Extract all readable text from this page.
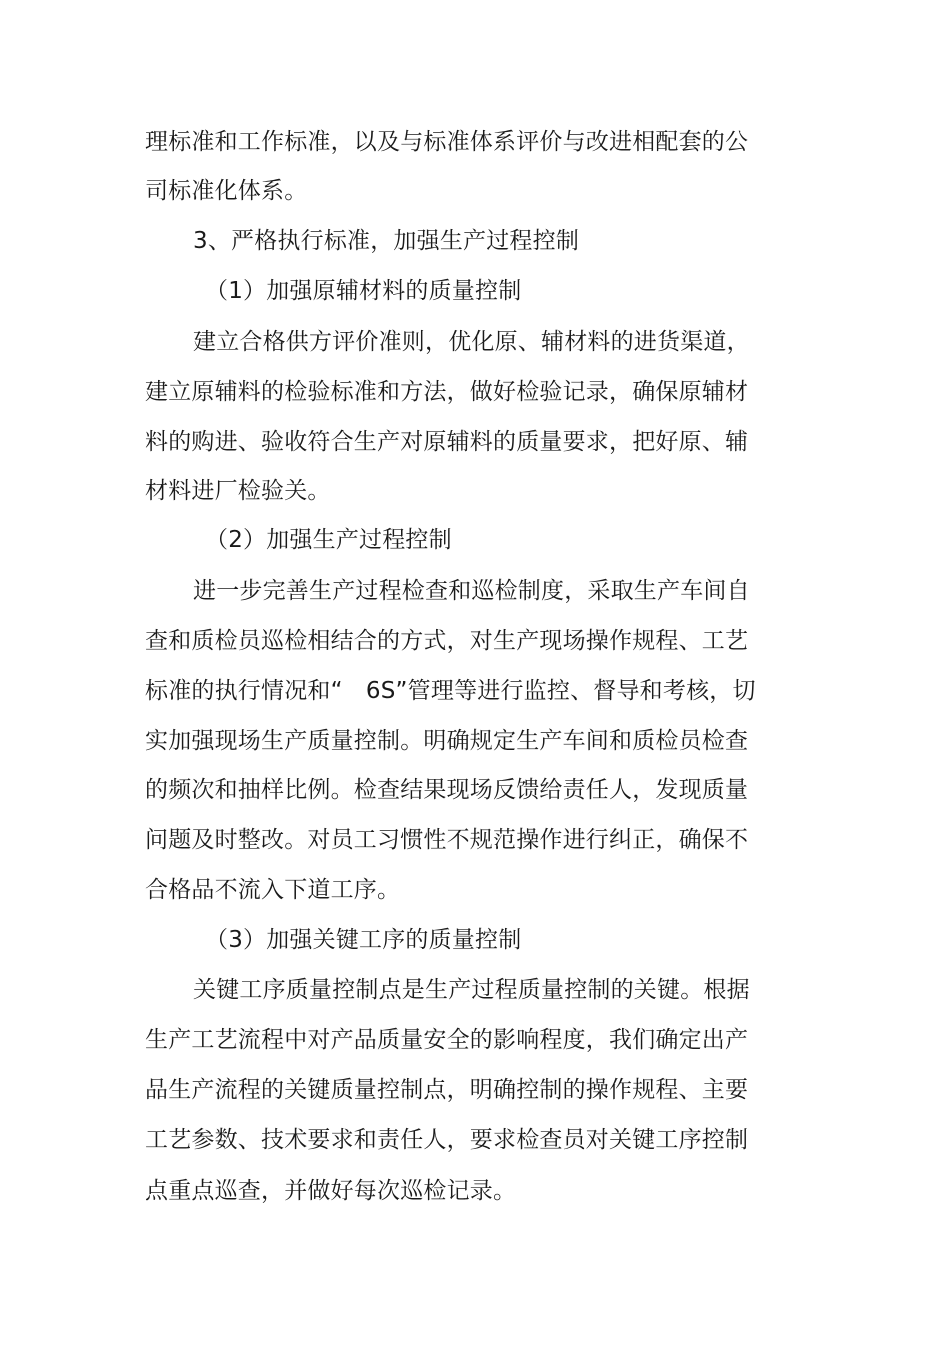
理标准和工作标准，以及与标准体系评价与改进相配套的公
司标准化体系。
3、严格执行标准，加强生产过程控制
（1）加强原辅材料的质量控制
建立合格供方评价准则，优化原、辅材料的进货渠道，
建立原辅料的检验标准和方法，做好检验记录，确保原辅材
料的购进、验收符合生产对原辅料的质量要求，把好原、辅
材料进厂检验关。
（2）加强生产过程控制
进一步完善生产过程检查和巡检制度，采取生产车间自
查和质检员巡检相结合的方式，对生产现场操作规程、工艺
标准的执行情况和“　6S”管理等进行监控、督导和考核，切
实加强现场生产质量控制。明确规定生产车间和质检员检查
的频次和抽样比例。检查结果现场反馈给责任人，发现质量
问题及时整改。对员工习惯性不规范操作进行纠正，确保不
合格品不流入下道工序。
（3）加强关键工序的质量控制
关键工序质量控制点是生产过程质量控制的关键。根据
生产工艺流程中对产品质量安全的影响程度，我们确定出产
品生产流程的关键质量控制点，明确控制的操作规程、主要
工艺参数、技术要求和责任人，要求检查员对关键工序控制
点重点巡查，并做好每次巡检记录。
